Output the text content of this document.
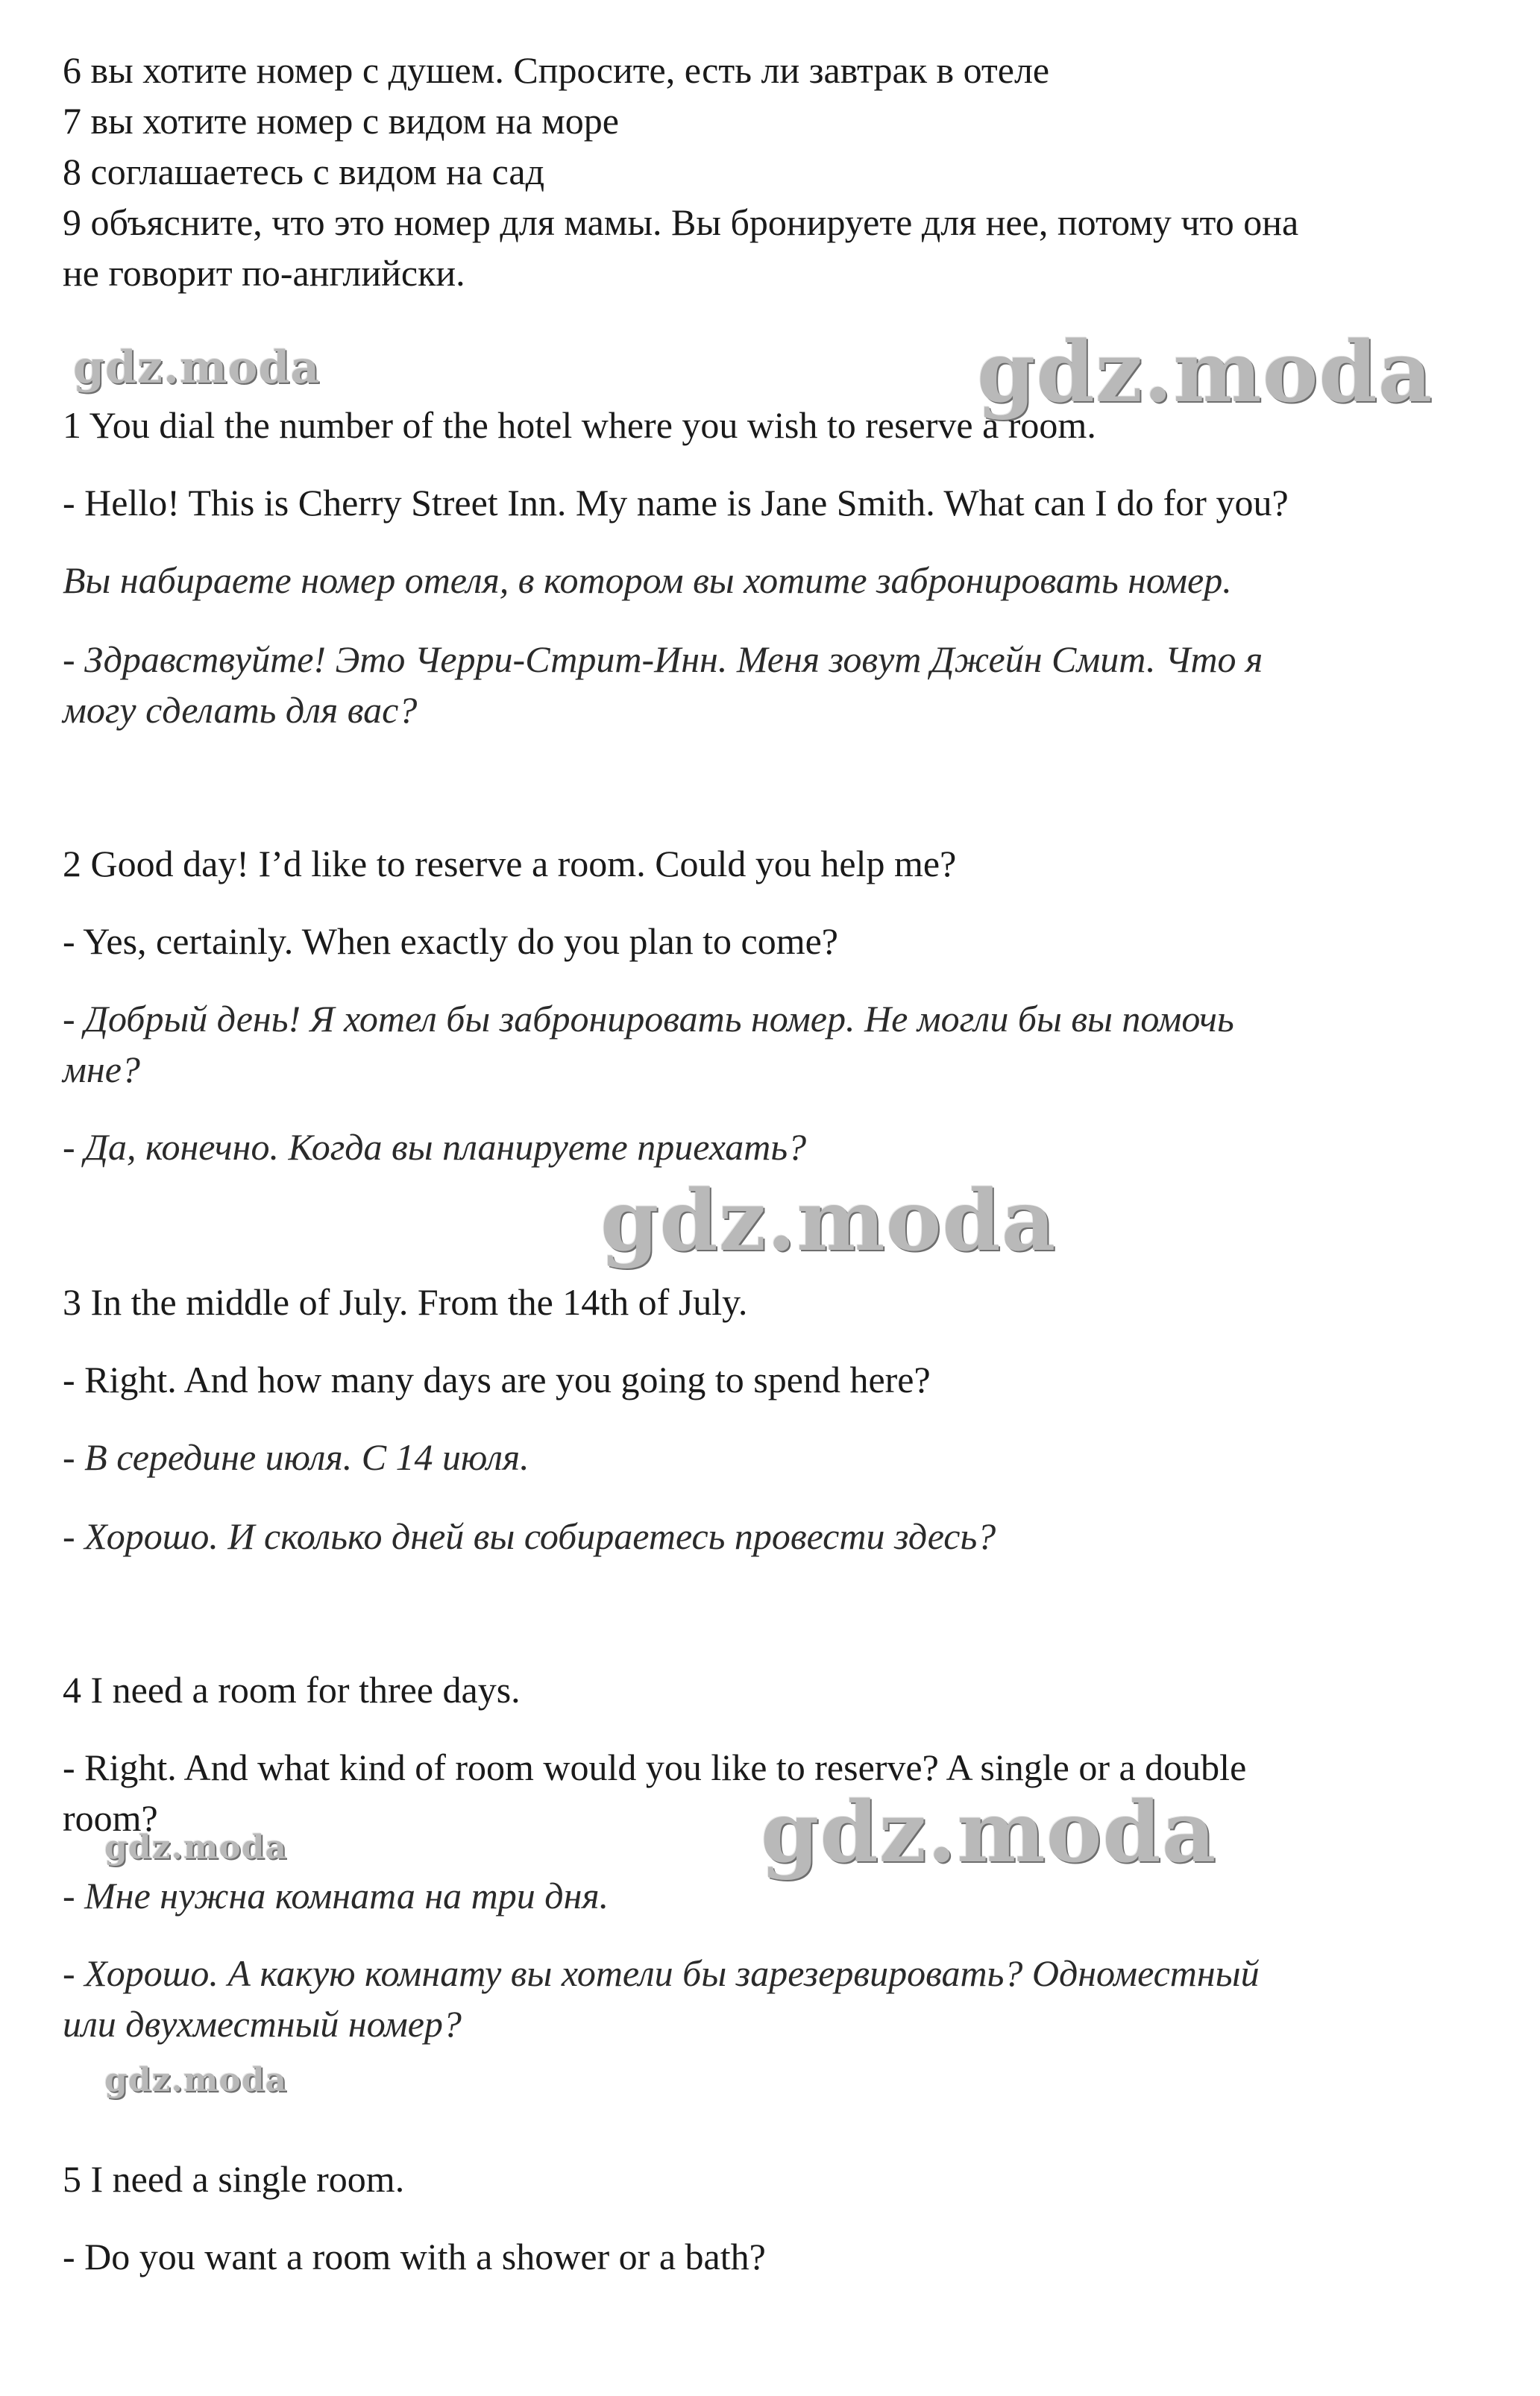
gdz.moda	gdz.moda
gdz.moda
gdz.moda	gdz.moda
gdz.moda

6 вы хотите номер с душем. Спросите, есть ли завтрак в отеле

7 вы хотите номер с видом на море

8 соглашаетесь с видом на сад

9 объясните, что это номер для мамы. Вы бронируете для нее, потому что она

не говорит по-английски.

1 You dial the number of the hotel where you wish to reserve a room.

- Hello! This is Cherry Street Inn. My name is Jane Smith. What can I do for you?

Вы набираете номер отеля, в котором вы хотите забронировать номер.

- Здравствуйте! Это Черри-Стрит-Инн. Меня зовут Джейн Смит. Что я

могу сделать для вас?

2 Good day! I’d like to reserve a room. Could you help me?

- Yes, certainly. When exactly do you plan to come?

- Добрый день! Я хотел бы забронировать номер. Не могли бы вы помочь

мне?

- Да, конечно. Когда вы планируете приехать?

3 In the middle of July. From the 14th of July.

- Right. And how many days are you going to spend here?

- В середине июля. С 14 июля.

- Хорошо. И сколько дней вы собираетесь провести здесь?

4 I need a room for three days.

- Right. And what kind of room would you like to reserve? A single or a double

room?

- Мне нужна комната на три дня.

- Хорошо. А какую комнату вы хотели бы зарезервировать? Одноместный

или двухместный номер?

5 I need a single room.

- Do you want a room with a shower or a bath?
